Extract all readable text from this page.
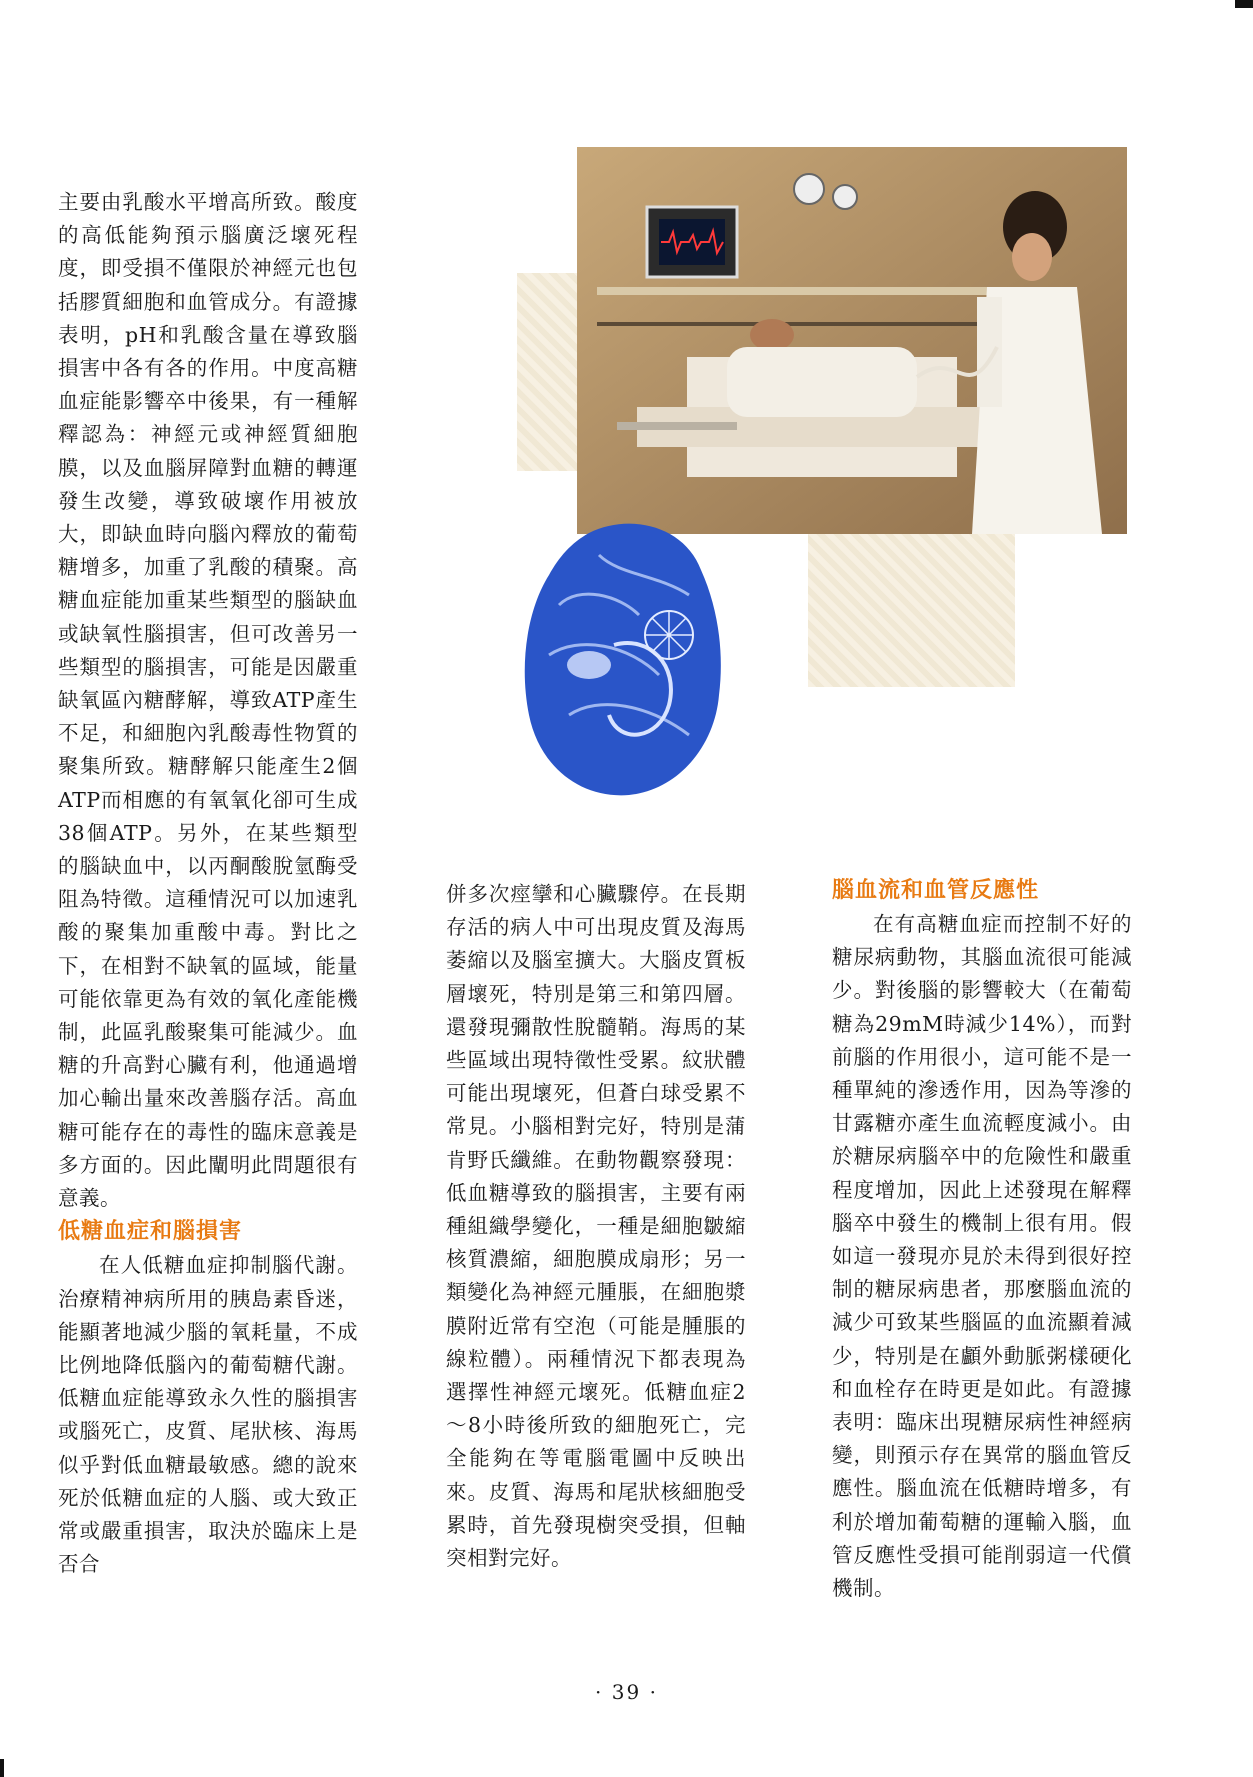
主要由乳酸水平增高所致。酸度的高低能夠預示腦廣泛壞死程度，即受損不僅限於神經元也包括膠質細胞和血管成分。有證據表明，pH和乳酸含量在導致腦損害中各有各的作用。中度高糖血症能影響卒中後果，有一種解釋認為：神經元或神經質細胞膜，以及血腦屏障對血糖的轉運發生改變，導致破壞作用被放大，即缺血時向腦內釋放的葡萄糖增多，加重了乳酸的積聚。高糖血症能加重某些類型的腦缺血或缺氧性腦損害，但可改善另一些類型的腦損害，可能是因嚴重缺氧區內糖酵解，導致ATP產生不足，和細胞內乳酸毒性物質的聚集所致。糖酵解只能產生2個ATP而相應的有氧氧化卻可生成38個ATP。另外，在某些類型的腦缺血中，以丙酮酸脫氫酶受阻為特徵。這種情況可以加速乳酸的聚集加重酸中毒。對比之下，在相對不缺氧的區域，能量可能依靠更為有效的氧化產能機制，此區乳酸聚集可能減少。血糖的升高對心臟有利，他通過增加心輸出量來改善腦存活。高血糖可能存在的毒性的臨床意義是多方面的。因此闡明此問題很有意義。

低糖血症和腦損害

在人低糖血症抑制腦代謝。治療精神病所用的胰島素昏迷，能顯著地減少腦的氧耗量，不成比例地降低腦內的葡萄糖代謝。低糖血症能導致永久性的腦損害或腦死亡，皮質、尾狀核、海馬似乎對低血糖最敏感。總的說來死於低糖血症的人腦、或大致正常或嚴重損害，取決於臨床上是否合

併多次痙攣和心臟驟停。在長期存活的病人中可出現皮質及海馬萎縮以及腦室擴大。大腦皮質板層壞死，特別是第三和第四層。還發現彌散性脫髓鞘。海馬的某些區域出現特徵性受累。紋狀體可能出現壞死，但蒼白球受累不常見。小腦相對完好，特別是蒲肯野氏纖維。在動物觀察發現：低血糖導致的腦損害，主要有兩種組織學變化，一種是細胞皺縮核質濃縮，細胞膜成扇形；另一類變化為神經元腫脹，在細胞漿膜附近常有空泡（可能是腫脹的線粒體）。兩種情況下都表現為選擇性神經元壞死。低糖血症2～8小時後所致的細胞死亡，完全能夠在等電腦電圖中反映出來。皮質、海馬和尾狀核細胞受累時，首先發現樹突受損，但軸突相對完好。

腦血流和血管反應性

在有高糖血症而控制不好的糖尿病動物，其腦血流很可能減少。對後腦的影響較大（在葡萄糖為29mM時減少14%），而對前腦的作用很小，這可能不是一種單純的滲透作用，因為等滲的甘露糖亦產生血流輕度減小。由於糖尿病腦卒中的危險性和嚴重程度增加，因此上述發現在解釋腦卒中發生的機制上很有用。假如這一發現亦見於未得到很好控制的糖尿病患者，那麼腦血流的減少可致某些腦區的血流顯着減少，特別是在顱外動脈粥樣硬化和血栓存在時更是如此。有證據表明：臨床出現糖尿病性神經病變，則預示存在異常的腦血管反應性。腦血流在低糖時增多，有利於增加葡萄糖的運輸入腦，血管反應性受損可能削弱這一代償機制。

· 39 ·
